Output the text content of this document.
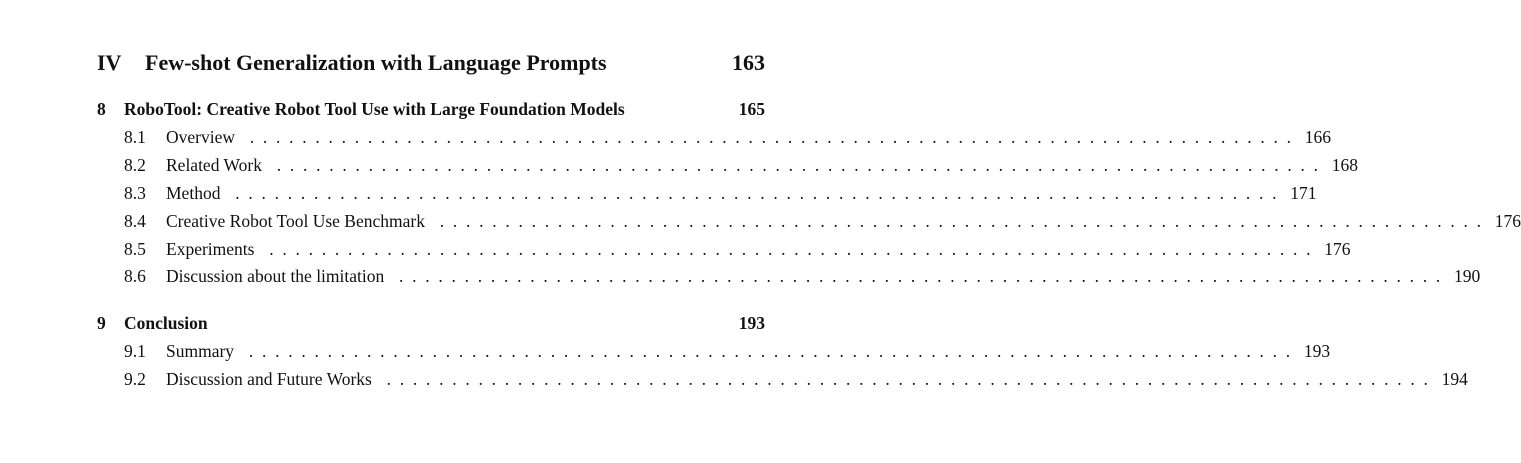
IV Few-shot Generalization with Language Prompts	163
8 RoboTool: Creative Robot Tool Use with Large Foundation Models	165
8.1	Overview . . . . . . . . . . . . . . . . . . . . . . . . . . . . . . . . . . . . . . . . . . . . . . . . . . . . . . . . . . . . . . . . . . . . . . . . . . . . . . . .  166
8.2	Related Work . . . . . . . . . . . . . . . . . . . . . . . . . . . . . . . . . . . . . . . . . . . . . . . . . . . . . . . . . . . . . . . . . . . . . . . . . . . . . . . .  168
8.3	Method . . . . . . . . . . . . . . . . . . . . . . . . . . . . . . . . . . . . . . . . . . . . . . . . . . . . . . . . . . . . . . . . . . . . . . . . . . . . . . . .  171
8.4	Creative Robot Tool Use Benchmark . . . . . . . . . . . . . . . . . . . . . . . . . . . . . . . . . . . . . . . . . . . . . . . . . . . . . . . . . . . . . . . . . . . . . . . . . . . . . . . .  176
8.5	Experiments . . . . . . . . . . . . . . . . . . . . . . . . . . . . . . . . . . . . . . . . . . . . . . . . . . . . . . . . . . . . . . . . . . . . . . . . . . . . . . . .  176
8.6	Discussion about the limitation . . . . . . . . . . . . . . . . . . . . . . . . . . . . . . . . . . . . . . . . . . . . . . . . . . . . . . . . . . . . . . . . . . . . . . . . . . . . . . . .  190
9 Conclusion	193
9.1	Summary . . . . . . . . . . . . . . . . . . . . . . . . . . . . . . . . . . . . . . . . . . . . . . . . . . . . . . . . . . . . . . . . . . . . . . . . . . . . . . . .  193
9.2	Discussion and Future Works . . . . . . . . . . . . . . . . . . . . . . . . . . . . . . . . . . . . . . . . . . . . . . . . . . . . . . . . . . . . . . . . . . . . . . . . . . . . . . . .  194
